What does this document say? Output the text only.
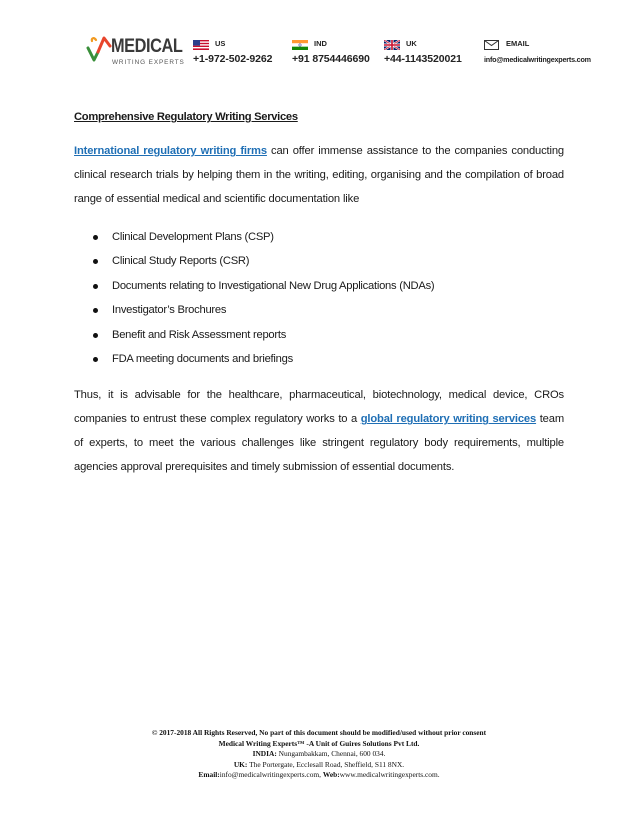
MEDICAL
WRITING EXPERTS
US
+1-972-502-9262
IND
+91 8754446690
UK
+44-1143520021
EMAIL
info@medicalwritingexperts.com
Comprehensive Regulatory Writing Services

International regulatory writing firms can offer immense assistance to the companies conducting clinical research trials by helping them in the writing, editing, organising and the compilation of broad range of essential medical and scientific documentation like

Clinical Development Plans (CSP)
Clinical Study Reports (CSR)
Documents relating to Investigational New Drug Applications (NDAs)
Investigator’s Brochures
Benefit and Risk Assessment reports
FDA meeting documents and briefings

Thus, it is advisable for the healthcare, pharmaceutical, biotechnology, medical device, CROs companies to entrust these complex regulatory works to a global regulatory writing services team of experts, to meet the various challenges like stringent regulatory body requirements, multiple agencies approval prerequisites and timely submission of essential documents.

© 2017-2018 All Rights Reserved, No part of this document should be modified/used without prior consent
Medical Writing Experts™ -A Unit of Guires Solutions Pvt Ltd.
INDIA: Nungambakkam, Chennai, 600 034.
UK: The Portergate, Ecclesall Road, Sheffield, S11 8NX.
Email:info@medicalwritingexperts.com, Web:www.medicalwritingexperts.com.
